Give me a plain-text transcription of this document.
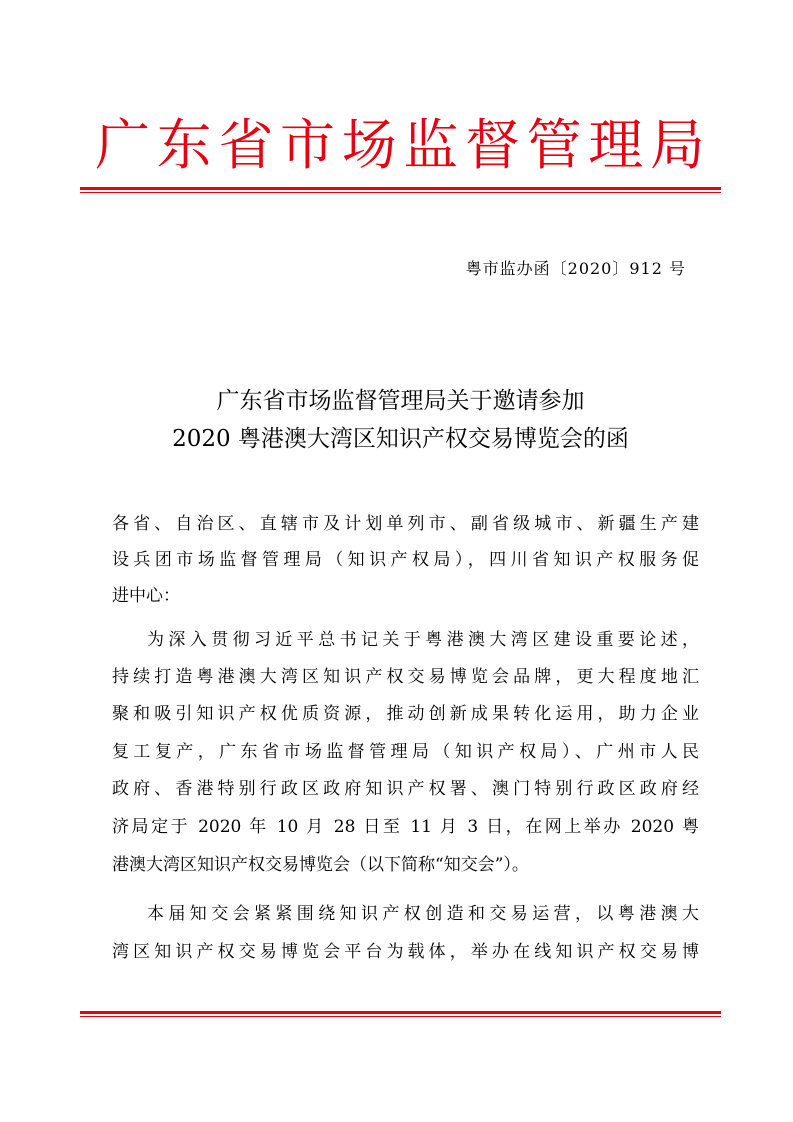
广 东 省 市 场 监 督 管 理 局
粤市监办函〔2020〕912 号
广东省市场监督管理局关于邀请参加
2020 粤港澳大湾区知识产权交易博览会的函
各省、自治区、直辖市及计划单列市、副省级城市、新疆生产建
设兵团市场监督管理局（知识产权局），四川省知识产权服务促
进中心：
为深入贯彻习近平总书记关于粤港澳大湾区建设重要论述，
持续打造粤港澳大湾区知识产权交易博览会品牌，更大程度地汇
聚和吸引知识产权优质资源，推动创新成果转化运用，助力企业
复工复产，广东省市场监督管理局（知识产权局）、广州市人民
政府、香港特别行政区政府知识产权署、澳门特别行政区政府经
济局定于 2020 年 10 月 28 日至 11 月 3 日，在网上举办 2020 粤
港澳大湾区知识产权交易博览会（以下简称“知交会”）。
本届知交会紧紧围绕知识产权创造和交易运营，以粤港澳大
湾区知识产权交易博览会平台为载体，举办在线知识产权交易博
